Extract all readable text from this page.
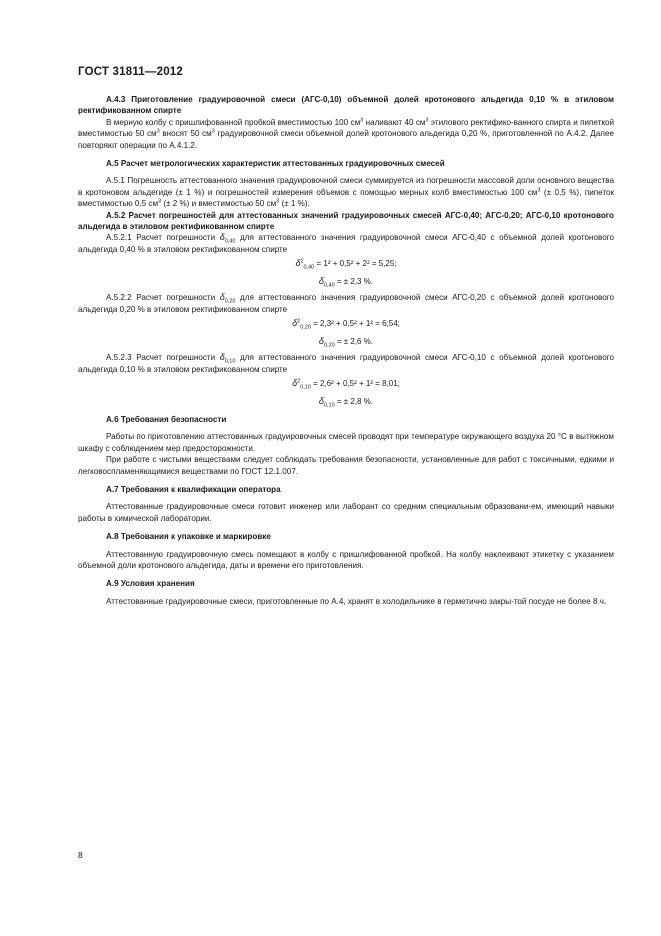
ГОСТ 31811—2012

А.4.3 Приготовление градуировочной смеси (АГС-0,10) объемной долей кротонового альдегида 0,10 % в этиловом ректификованном спирте

В мерную колбу с пришлифованной пробкой вместимостью 100 $см^3$ наливают 40 $см^3$ этилового ректифико-ванного спирта и пипеткой вместимостью 50 $см^3$ вносят 50 $см^3$ градуировочной смеси объемной долей кротонового альдегида 0,20 %, приготовленной по А.4.2. Далее повторяют операции по А.4.1.2.

А.5 Расчет метрологических характеристик аттестованных градуировочных смесей

А.5.1 Погрешность аттестованного значения градуировочной смеси суммируется из погрешности массовой доли основного вещества в кротоновом альдегиде (± 1 %) и погрешностей измерения объемов с помощью мерных колб вместимостью 100 $см^3$ (± 0,5 %), пипеток вместимостью 0,5 $см^3$ (± 2 %) и вместимостью 50 $см^3$ (± 1 %).

А.5.2 Расчет погрешностей для аттестованных значений градуировочных смесей АГС-0,40; АГС-0,20; АГС-0,10 кротонового альдегида в этиловом ректификованном спирте

А.5.2.1 Расчет погрешности $\delta_{0,40}$ для аттестованного значения градуировочной смеси АГС-0,40 с объемной долей кротонового альдегида 0,40 % в этиловом ректификованном спирте

$\delta^2_{0,40} = 1^2 + 0,5^2 + 2^2 = 5,25$;
$\delta_{0,40}$ = ± 2,3 %.

А.5.2.2 Расчет погрешности $\delta_{0,20}$ для аттестованного значения градуировочной смеси АГС-0,20 с объемной долей кротонового альдегида 0,20 % в этиловом ректификованном спирте

$\delta^2_{0,20} = 2,3^2 + 0,5^2 + 1^2 = 6,54$;
$\delta_{0,20}$ = ± 2,6 %.

А.5.2.3 Расчет погрешности $\delta_{0,10}$ для аттестованного значения градуировочной смеси АГС-0,10 с объемной долей кротонового альдегида 0,10 % в этиловом ректификованном спирте

$\delta^2_{0,10} = 2,6^2 + 0,5^2 + 1^2 = 8,01$;
$\delta_{0,10}$ = ± 2,8 %.

А.6 Требования безопасности

Работы по приготовлению аттестованных градуировочных смесей проводят при температуре окружающего воздуха 20 °С в вытяжном шкафу с соблюдением мер предосторожности.

При работе с чистыми веществами следует соблюдать требования безопасности, установленные для работ с токсичными, едкими и легковоспламеняющимися веществами по ГОСТ 12.1.007.

А.7 Требования к квалификации оператора

Аттестованные градуировочные смеси готовит инженер или лаборант со средним специальным образовани-ем, имеющий навыки работы в химической лаборатории.

А.8 Требования к упаковке и маркировке

Аттестованную градуировочную смесь помещают в колбу с пришлифованной пробкой. На колбу наклеивают этикетку с указанием объемной доли кротонового альдегида, даты и времени его приготовления.

А.9 Условия хранения

Аттестованные градуировочные смеси, приготовленные по А.4, хранят в холодильнике в герметично закры-той посуде не более 8 ч.

8
